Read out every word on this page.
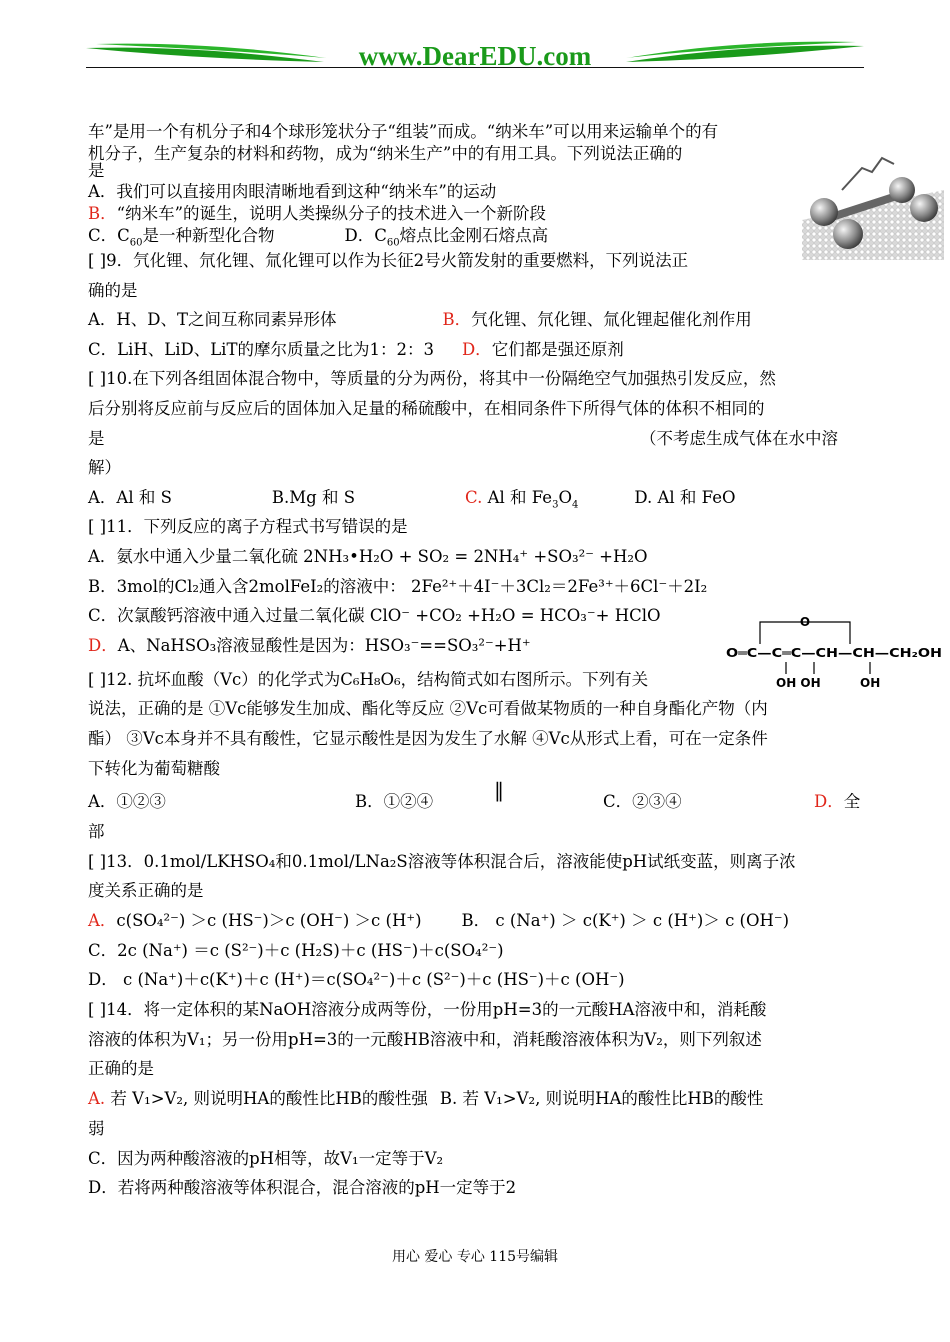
www.DearEDU.com
车”是用一个有机分子和4个球形笼状分子“组装”而成。“纳米车”可以用来运输单个的有
机分子，生产复杂的材料和药物，成为“纳米生产”中的有用工具。下列说法正确的
是
A．我们可以直接用肉眼清晰地看到这种“纳米车”的运动
B．“纳米车”的诞生，说明人类操纵分子的技术进入一个新阶段
C．$C_{60}$是一种新型化合物	D．$C_{60}$熔点比金刚石熔点高
[ ]9．氕化锂、氘化锂、氚化锂可以作为长征2号火箭发射的重要燃料，下列说法正
确的是
A．H、D、T之间互称同素异形体	B．氕化锂、氘化锂、氚化锂起催化剂作用
C．LiH、LiD、LiT的摩尔质量之比为1：2：3 D．它们都是强还原剂
[ ]10.在下列各组固体混合物中，等质量的分为两份，将其中一份隔绝空气加强热引发反应，然
后分别将反应前与反应后的固体加入足量的稀硫酸中，在相同条件下所得气体的体积不相同的
是	（不考虑生成气体在水中溶
解）
A．Al 和 S	B.Mg 和 S	C. Al 和 $Fe_3O_4$	D. Al 和 FeO
[ ]11．下列反应的离子方程式书写错误的是
A．氨水中通入少量二氧化硫 2NH₃•H₂O + SO₂ = 2NH₄⁺ +SO₃²⁻ +H₂O
B．3mol的Cl₂通入含2molFeI₂的溶液中： 2Fe²⁺＋4I⁻＋3Cl₂＝2Fe³⁺＋6Cl⁻＋2I₂
C．次氯酸钙溶液中通入过量二氧化碳 ClO⁻ +CO₂ +H₂O = HCO₃⁻+ HClO
D．A、NaHSO₃溶液显酸性是因为：HSO₃⁻==SO₃²⁻+H⁺
O
O═C—C═C—CH—CH—CH₂OH
OH OH	OH
[ ]12. 抗坏血酸（Vc）的化学式为C₆H₈O₆，结构简式如右图所示。下列有关
说法，正确的是 ①Vc能够发生加成、酯化等反应 ②Vc可看做某物质的一种自身酯化产物（内
酯） ③Vc本身并不具有酸性，它显示酸性是因为发生了水解 ④Vc从形式上看，可在一定条件
下转化为葡萄糖酸
‖
A．①②③	B．①②④	C．②③④	D．全
部
[ ]13．0.1mol/LKHSO₄和0.1mol/LNa₂S溶液等体积混合后，溶液能使pH试纸变蓝，则离子浓
度关系正确的是
A．c(SO₄²⁻) ＞c (HS⁻)＞c (OH⁻) ＞c (H⁺) B． c (Na⁺) ＞ c(K⁺) ＞ c (H⁺)＞ c (OH⁻)
C．2c (Na⁺) ＝c (S²⁻)＋c (H₂S)＋c (HS⁻)＋c(SO₄²⁻)
D． c (Na⁺)＋c(K⁺)＋c (H⁺)＝c(SO₄²⁻)＋c (S²⁻)＋c (HS⁻)＋c (OH⁻)
[ ]14．将一定体积的某NaOH溶液分成两等份，一份用pH=3的一元酸HA溶液中和，消耗酸
溶液的体积为V₁；另一份用pH=3的一元酸HB溶液中和，消耗酸溶液体积为V₂，则下列叙述
正确的是
A. 若 V₁>V₂, 则说明HA的酸性比HB的酸性强 B. 若 V₁>V₂, 则说明HA的酸性比HB的酸性
弱
C．因为两种酸溶液的pH相等，故V₁一定等于V₂
D．若将两种酸溶液等体积混合，混合溶液的pH一定等于2
用心 爱心 专心 115号编辑
